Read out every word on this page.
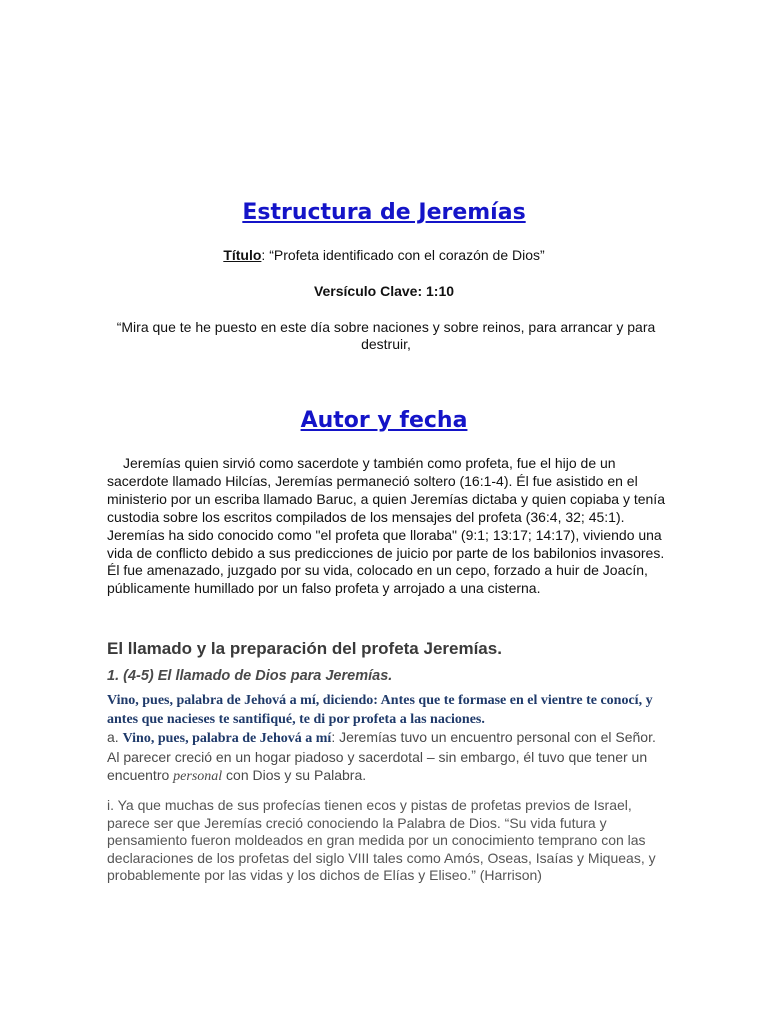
Estructura de Jeremías

Título: “Profeta identificado con el corazón de Dios”

Versículo Clave: 1:10

“Mira que te he puesto en este día sobre naciones y sobre reinos, para arrancar y para destruir,

Autor y fecha

Jeremías quien sirvió como sacerdote y también como profeta, fue el hijo de un sacerdote llamado Hilcías, Jeremías permaneció soltero (16:1-4). Él fue asistido en el ministerio por un escriba llamado Baruc, a quien Jeremías dictaba y quien copiaba y tenía custodia sobre los escritos compilados de los mensajes del profeta (36:4, 32; 45:1). Jeremías ha sido conocido como "el profeta que lloraba" (9:1; 13:17; 14:17), viviendo una vida de conflicto debido a sus predicciones de juicio por parte de los babilonios invasores. Él fue amenazado, juzgado por su vida, colocado en un cepo, forzado a huir de Joacín, públicamente humillado por un falso profeta y arrojado a una cisterna.

El llamado y la preparación del profeta Jeremías.
1. (4-5) El llamado de Dios para Jeremías.

Vino, pues, palabra de Jehová a mí, diciendo: Antes que te formase en el vientre te conocí, y antes que nacieses te santifiqué, te di por profeta a las naciones.

a. Vino, pues, palabra de Jehová a mí: Jeremías tuvo un encuentro personal con el Señor. Al parecer creció en un hogar piadoso y sacerdotal – sin embargo, él tuvo que tener un encuentro personal con Dios y su Palabra.

i. Ya que muchas de sus profecías tienen ecos y pistas de profetas previos de Israel, parece ser que Jeremías creció conociendo la Palabra de Dios. “Su vida futura y pensamiento fueron moldeados en gran medida por un conocimiento temprano con las declaraciones de los profetas del siglo VIII tales como Amós, Oseas, Isaías y Miqueas, y probablemente por las vidas y los dichos de Elías y Eliseo.” (Harrison)
